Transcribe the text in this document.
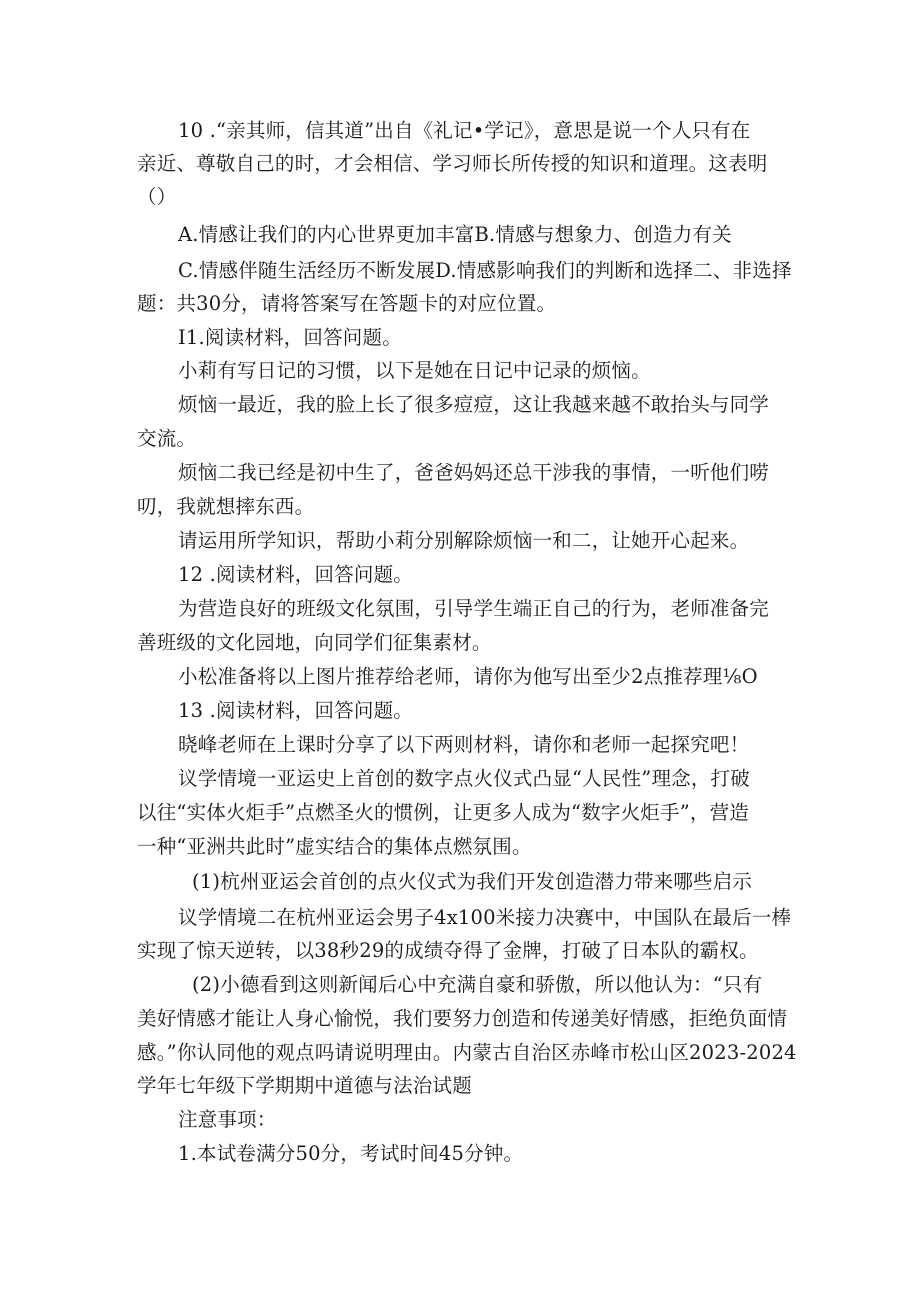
10 .“亲其师，信其道”出自《礼记•学记》，意思是说一个人只有在
亲近、尊敬自己的时，才会相信、学习师长所传授的知识和道理。这表明
（）
A.情感让我们的内心世界更加丰富B.情感与想象力、创造力有关
C.情感伴随生活经历不断发展D.情感影响我们的判断和选择二、非选择
题：共30分，请将答案写在答题卡的对应位置。
I1.阅读材料，回答问题。
小莉有写日记的习惯，以下是她在日记中记录的烦恼。
烦恼一最近，我的脸上长了很多痘痘，这让我越来越不敢抬头与同学
交流。
烦恼二我已经是初中生了，爸爸妈妈还总干涉我的事情，一听他们唠
叨，我就想摔东西。
请运用所学知识，帮助小莉分别解除烦恼一和二，让她开心起来。
12 .阅读材料，回答问题。
为营造良好的班级文化氛围，引导学生端正自己的行为，老师准备完
善班级的文化园地，向同学们征集素材。
小松准备将以上图片推荐给老师，请你为他写出至少2点推荐理⅛O
13 .阅读材料，回答问题。
晓峰老师在上课时分享了以下两则材料，请你和老师一起探究吧！
议学情境一亚运史上首创的数字点火仪式凸显“人民性”理念，打破
以往“实体火炬手”点燃圣火的惯例，让更多人成为“数字火炬手”，营造
一种“亚洲共此时”虚实结合的集体点燃氛围。
(1)杭州亚运会首创的点火仪式为我们开发创造潜力带来哪些启示
议学情境二在杭州亚运会男子4x100米接力决赛中，中国队在最后一棒
实现了惊天逆转，以38秒29的成绩夺得了金牌，打破了日本队的霸权。
(2)小德看到这则新闻后心中充满自豪和骄傲，所以他认为：“只有
美好情感才能让人身心愉悦，我们要努力创造和传递美好情感，拒绝负面情
感。”你认同他的观点吗请说明理由。内蒙古自治区赤峰市松山区2023-2024
学年七年级下学期期中道德与法治试题
注意事项：
1.本试卷满分50分，考试时间45分钟。
